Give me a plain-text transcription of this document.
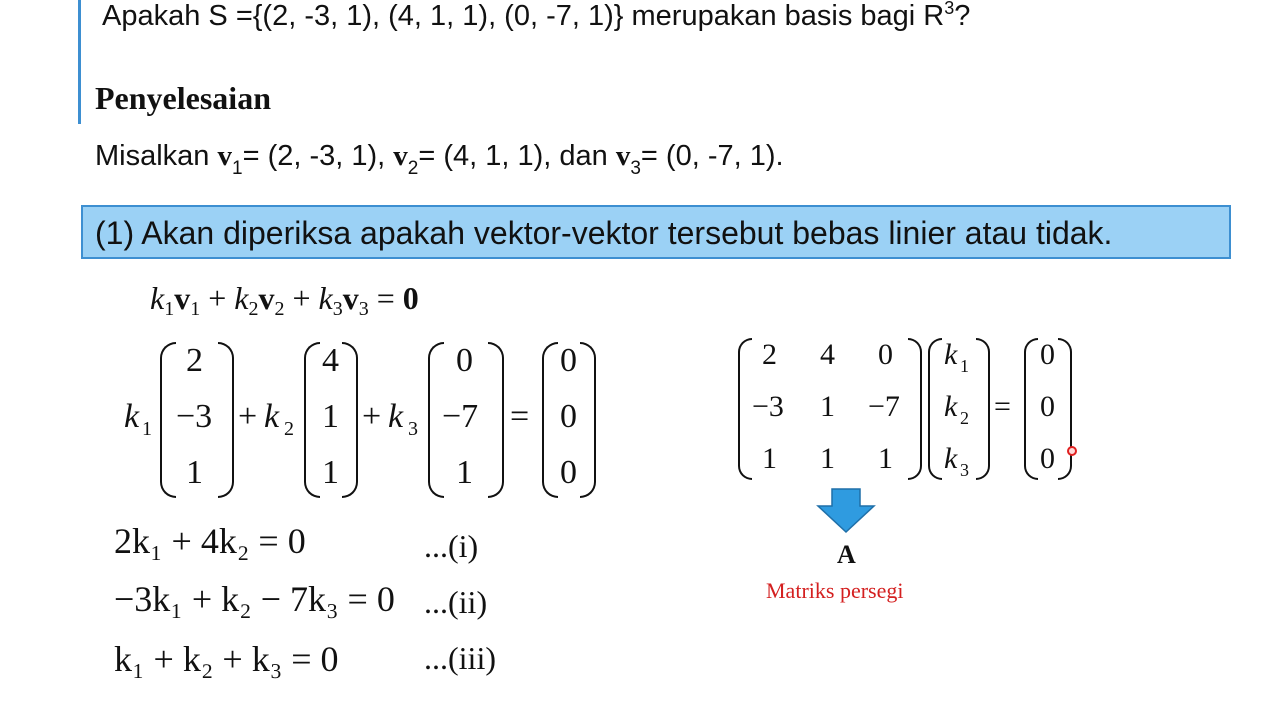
Apakah S ={(2, -3, 1), (4, 1, 1), (0, -7, 1)} merupakan basis bagi $R^3$?
Penyelesaian
Misalkan $v_1= (2$, -3, 1), $v_2= (4$, 1, 1), dan $v_3= (0$, -7, 1).
(1) Akan diperiksa apakah vektor-vektor tersebut bebas linier atau tidak.
$k_1v_1 + k_2v_2 + k_3v_3 = 0$
k 1
2
−3
1
+ k 2
4
1
1
+ k 3
0
−7
1
=
0
0
0
2 4 0
−3 1 −7
1 1 1
k 1
k 2
k 3
=
0
0
0
2k₁ + 4k₂ = 0	...(i)
−3k₁ + k₂ − 7k₃ = 0 ...(ii)
k₁ + k₂ + k₃ = 0	...(iii)
A
Matriks persegi
